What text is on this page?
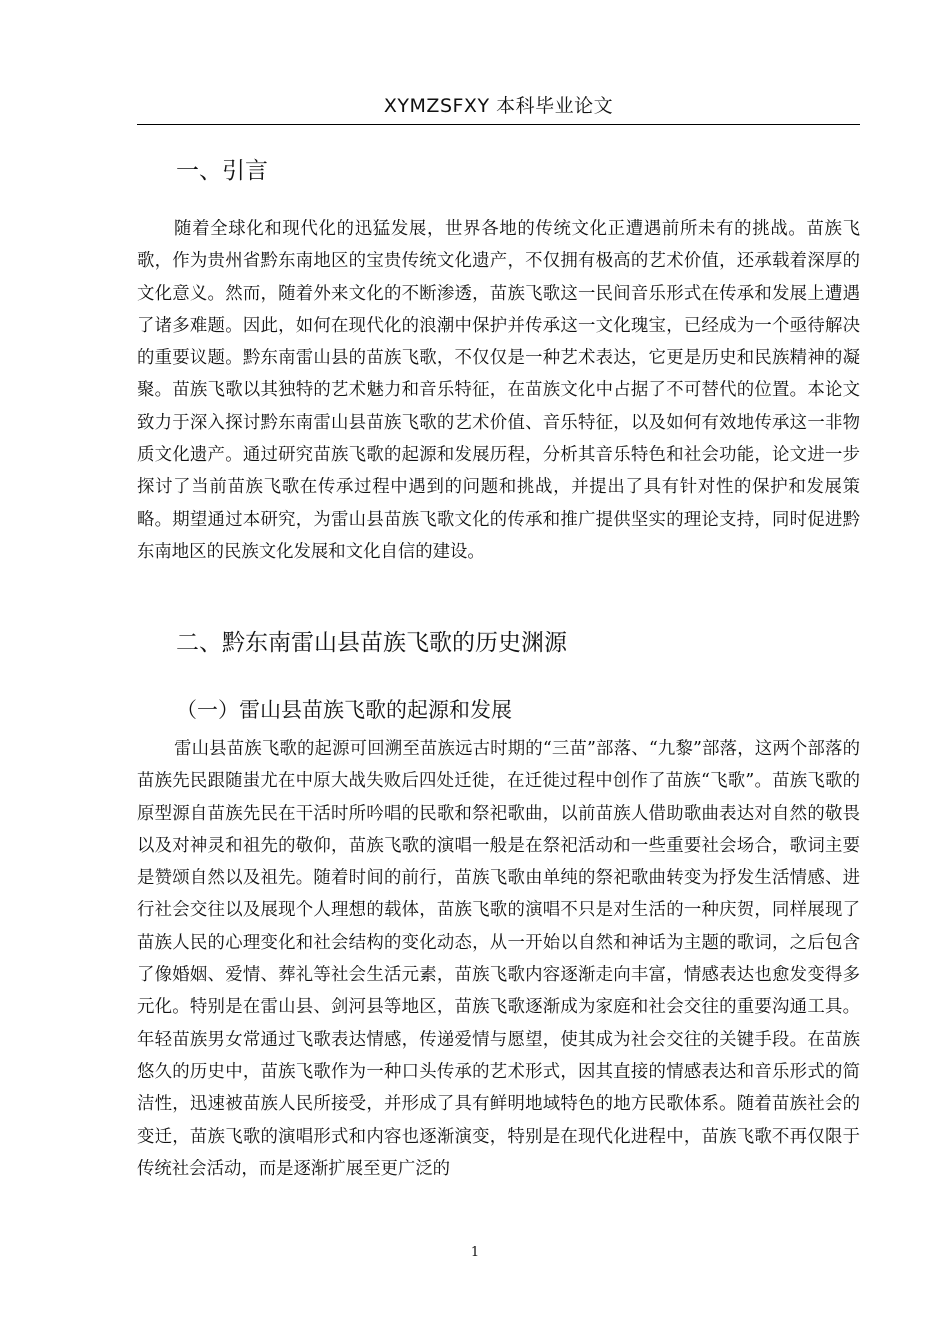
XYMZSFXY 本科毕业论文
一、引言

随着全球化和现代化的迅猛发展，世界各地的传统文化正遭遇前所未有的挑战。苗族飞歌，作为贵州省黔东南地区的宝贵传统文化遗产，不仅拥有极高的艺术价值，还承载着深厚的文化意义。然而，随着外来文化的不断渗透，苗族飞歌这一民间音乐形式在传承和发展上遭遇了诸多难题。因此，如何在现代化的浪潮中保护并传承这一文化瑰宝，已经成为一个亟待解决的重要议题。黔东南雷山县的苗族飞歌，不仅仅是一种艺术表达，它更是历史和民族精神的凝聚。苗族飞歌以其独特的艺术魅力和音乐特征，在苗族文化中占据了不可替代的位置。本论文致力于深入探讨黔东南雷山县苗族飞歌的艺术价值、音乐特征，以及如何有效地传承这一非物质文化遗产。通过研究苗族飞歌的起源和发展历程，分析其音乐特色和社会功能，论文进一步探讨了当前苗族飞歌在传承过程中遇到的问题和挑战，并提出了具有针对性的保护和发展策略。期望通过本研究，为雷山县苗族飞歌文化的传承和推广提供坚实的理论支持，同时促进黔东南地区的民族文化发展和文化自信的建设。

二、黔东南雷山县苗族飞歌的历史渊源
（一）雷山县苗族飞歌的起源和发展

雷山县苗族飞歌的起源可回溯至苗族远古时期的“三苗”部落、“九黎”部落，这两个部落的苗族先民跟随蚩尤在中原大战失败后四处迁徙，在迁徙过程中创作了苗族“飞歌”。苗族飞歌的原型源自苗族先民在干活时所吟唱的民歌和祭祀歌曲，以前苗族人借助歌曲表达对自然的敬畏以及对神灵和祖先的敬仰，苗族飞歌的演唱一般是在祭祀活动和一些重要社会场合，歌词主要是赞颂自然以及祖先。随着时间的前行，苗族飞歌由单纯的祭祀歌曲转变为抒发生活情感、进行社会交往以及展现个人理想的载体，苗族飞歌的演唱不只是对生活的一种庆贺，同样展现了苗族人民的心理变化和社会结构的变化动态，从一开始以自然和神话为主题的歌词，之后包含了像婚姻、爱情、葬礼等社会生活元素，苗族飞歌内容逐渐走向丰富，情感表达也愈发变得多元化。特别是在雷山县、剑河县等地区，苗族飞歌逐渐成为家庭和社会交往的重要沟通工具。年轻苗族男女常通过飞歌表达情感，传递爱情与愿望，使其成为社会交往的关键手段。在苗族悠久的历史中，苗族飞歌作为一种口头传承的艺术形式，因其直接的情感表达和音乐形式的简洁性，迅速被苗族人民所接受，并形成了具有鲜明地域特色的地方民歌体系。随着苗族社会的变迁，苗族飞歌的演唱形式和内容也逐渐演变，特别是在现代化进程中，苗族飞歌不再仅限于传统社会活动，而是逐渐扩展至更广泛的

1
